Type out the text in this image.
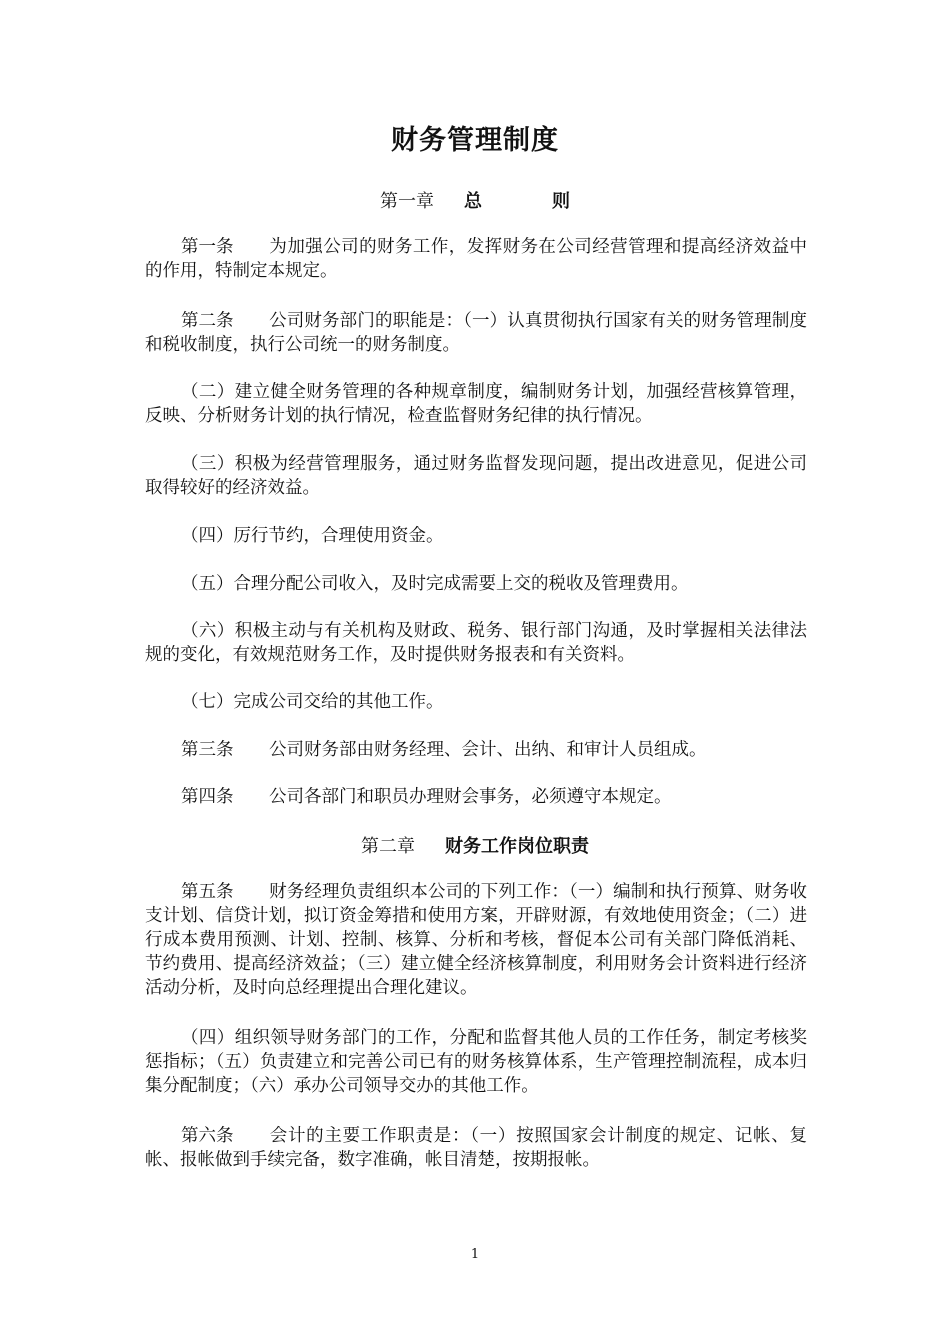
财务管理制度
第一章 总	则
第一条 为加强公司的财务工作，发挥财务在公司经营管理和提高经济效益中的作用，特制定本规定。
第二条 公司财务部门的职能是：（一）认真贯彻执行国家有关的财务管理制度和税收制度，执行公司统一的财务制度。
（二）建立健全财务管理的各种规章制度，编制财务计划，加强经营核算管理，反映、分析财务计划的执行情况，检查监督财务纪律的执行情况。
（三）积极为经营管理服务，通过财务监督发现问题，提出改进意见，促进公司取得较好的经济效益。
（四）厉行节约，合理使用资金。
（五）合理分配公司收入，及时完成需要上交的税收及管理费用。
（六）积极主动与有关机构及财政、税务、银行部门沟通，及时掌握相关法律法规的变化，有效规范财务工作，及时提供财务报表和有关资料。
（七）完成公司交给的其他工作。
第三条 公司财务部由财务经理、会计、出纳、和审计人员组成。
第四条 公司各部门和职员办理财会事务，必须遵守本规定。
第二章 财务工作岗位职责
第五条 财务经理负责组织本公司的下列工作：（一）编制和执行预算、财务收支计划、信贷计划，拟订资金筹措和使用方案，开辟财源，有效地使用资金；（二）进行成本费用预测、计划、控制、核算、分析和考核，督促本公司有关部门降低消耗、节约费用、提高经济效益；（三）建立健全经济核算制度，利用财务会计资料进行经济活动分析，及时向总经理提出合理化建议。
（四）组织领导财务部门的工作，分配和监督其他人员的工作任务，制定考核奖惩指标；（五）负责建立和完善公司已有的财务核算体系，生产管理控制流程，成本归集分配制度；（六）承办公司领导交办的其他工作。
第六条 会计的主要工作职责是：（一）按照国家会计制度的规定、记帐、复帐、报帐做到手续完备，数字准确，帐目清楚，按期报帐。
1
